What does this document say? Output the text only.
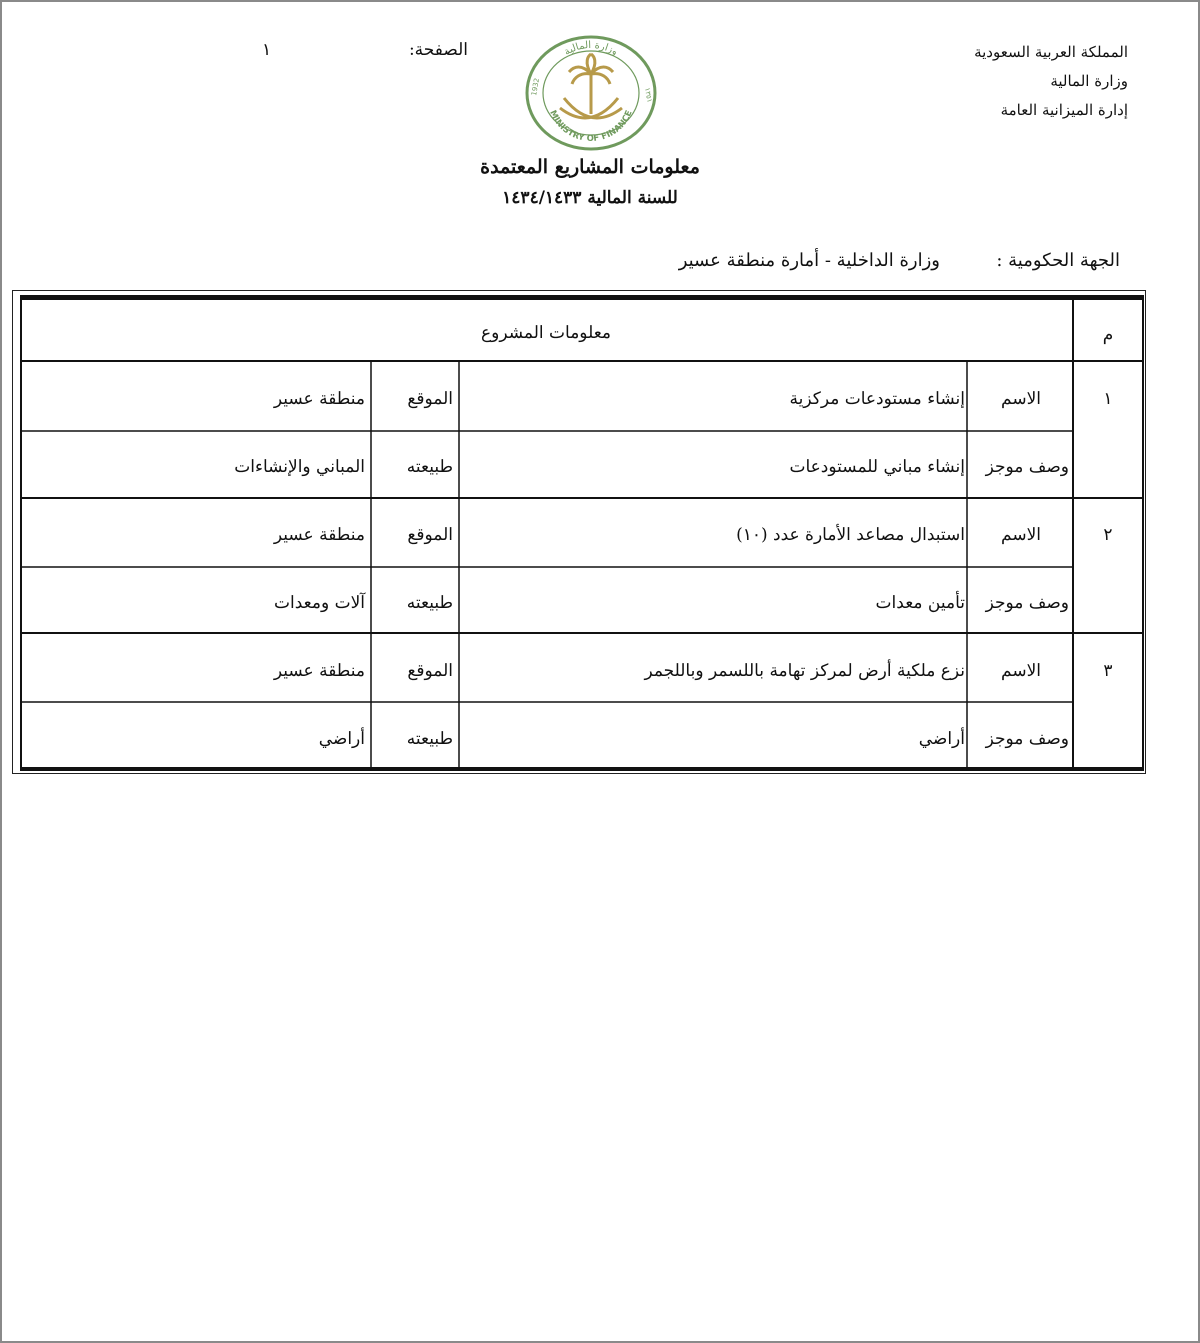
المملكة العربية السعودية
وزارة المالية
إدارة الميزانية العامة
الصفحة:
١	وزارة المالية
MINISTRY OF FINANCE
1932	١٣٥١
معلومات المشاريع المعتمدة
للسنة المالية ١٤٣٤/١٤٣٣
الجهة الحكومية :
وزارة الداخلية - أمارة منطقة عسير
م
معلومات المشروع
١
الاسم
إنشاء مستودعات مركزية
الموقع
منطقة عسير
وصف موجز
إنشاء مباني للمستودعات
طبيعته
المباني والإنشاءات
٢
الاسم
استبدال مصاعد الأمارة عدد (١٠)
الموقع
منطقة عسير
وصف موجز
تأمين معدات
طبيعته
آلات ومعدات
٣
الاسم
نزع ملكية أرض لمركز تهامة باللسمر وباللجمر
الموقع
منطقة عسير
وصف موجز
أراضي
طبيعته
أراضي
